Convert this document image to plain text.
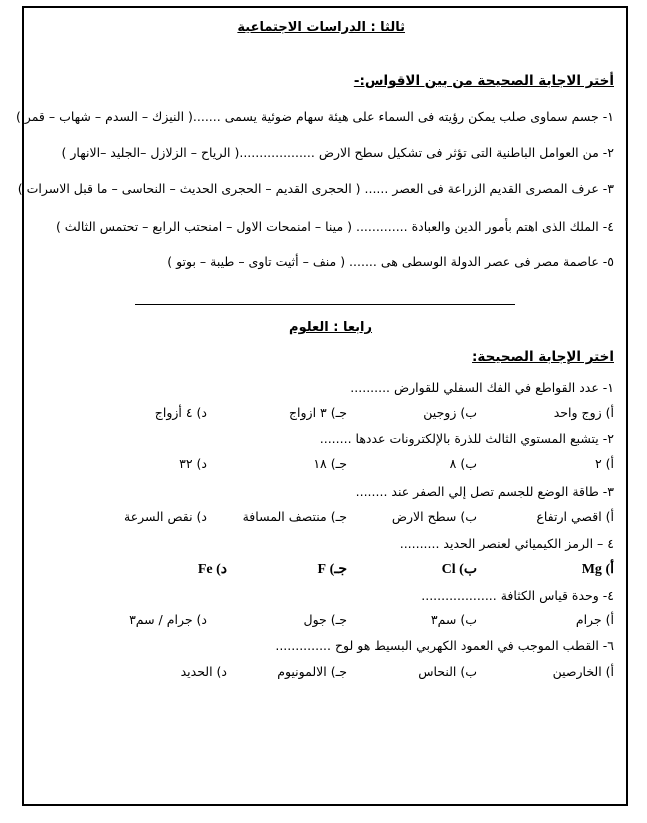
ثالثا : الدراسات الاجتماعية
أختر الاجابة الصحيحة من بين الاقواس:-
١- جسم سماوى صلب يمكن رؤيته فى السماء على هيئة سهام ضوئية يسمى .......( النيزك – السدم – شهاب – قمر )
٢- من العوامل الباطنية التى تؤثر فى تشكيل سطح الارض ...................( الرياح – الزلازل –الجليد –الانهار )
٣- عرف المصرى القديم الزراعة فى العصر ...... ( الحجرى القديم – الحجرى الحديث – النحاسى – ما قبل الاسرات )
٤- الملك الذى اهتم بأمور الدين والعبادة ............. ( مينا – امنمحات الاول – امنحتب الرابع – تحتمس الثالث )
٥- عاصمة مصر فى عصر الدولة الوسطى هى ....... ( منف – أثيت تاوى – طيبة – بوتو )
رابعا : العلوم
اختر الإجابة الصحيحة:
١- عدد القواطع في الفك السفلي للقوارض ..........
أ) زوج واحد
ب) زوجين
جـ) ٣ ازواج
د) ٤ أزواج
٢- يتشبع المستوي الثالث للذرة بالإلكترونات عددها ........
أ) ٢
ب) ٨
جـ) ١٨
د) ٣٢
٣- طاقة الوضع للجسم تصل إلي الصفر عند ........
أ) اقصي ارتفاع
ب) سطح الارض
جـ) منتصف المسافة
د) نقص السرعة
٤ – الرمز الكيميائي لعنصر الحديد ..........
أ) Mg
ب) Cl
جـ) F
د) Fe
٤- وحدة قياس الكثافة ...................
أ) جرام
ب) سم٣
جـ) جول
د) جرام / سم٣
٦- القطب الموجب في العمود الكهربي البسيط هو لوح ..............
أ) الخارصين
ب) النحاس
جـ) الالمونيوم
د) الحديد
